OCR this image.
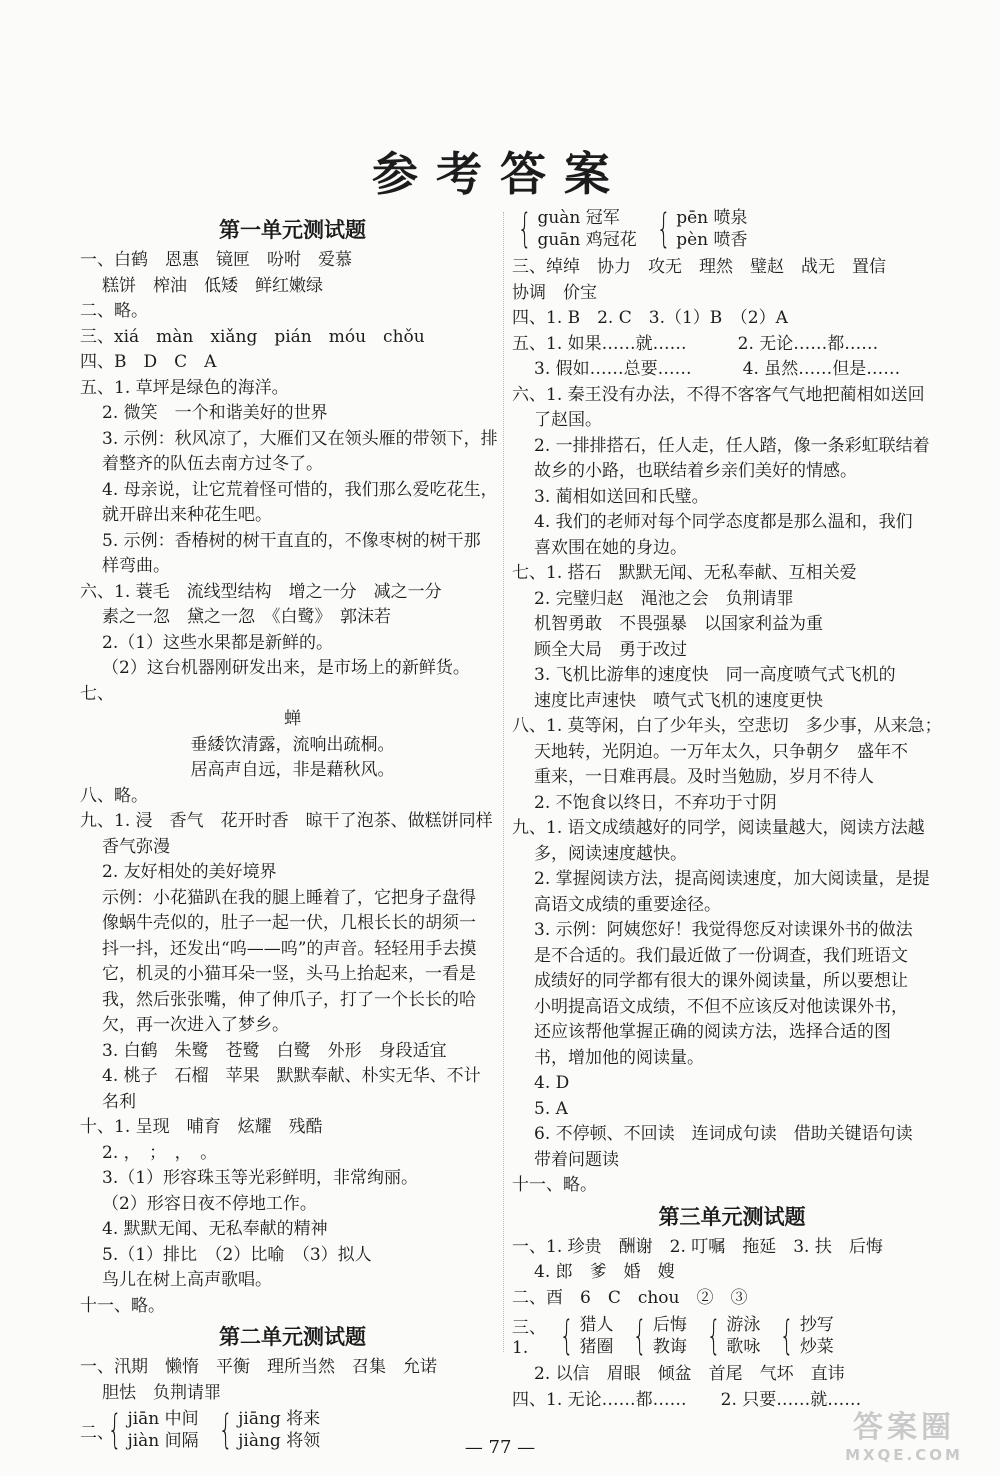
参考答案
第一单元测试题
一、白鹤　恩惠　镜匣　吩咐　爱慕
糕饼　榨油　低矮　鲜红嫩绿
二、略。
三、xiá　màn　xiǎng　pián　móu　chǒu
四、B　D　C　A
五、1. 草坪是绿色的海洋。
2. 微笑　一个和谐美好的世界
3. 示例：秋风凉了，大雁们又在领头雁的带领下，排
着整齐的队伍去南方过冬了。
4. 母亲说，让它荒着怪可惜的，我们那么爱吃花生，
就开辟出来种花生吧。
5. 示例：香椿树的树干直直的，不像枣树的树干那
样弯曲。
六、1. 蓑毛　流线型结构　增之一分　减之一分
素之一忽　黛之一忽　《白鹭》　郭沫若
2.（1）这些水果都是新鲜的。
（2）这台机器刚研发出来，是市场上的新鲜货。
七、
蝉
垂緌饮清露，流响出疏桐。
居高声自远，非是藉秋风。
八、略。
九、1. 浸　香气　花开时香　晾干了泡茶、做糕饼同样
香气弥漫
2. 友好相处的美好境界
示例：小花猫趴在我的腿上睡着了，它把身子盘得
像蜗牛壳似的，肚子一起一伏，几根长长的胡须一
抖一抖，还发出“呜——呜”的声音。轻轻用手去摸
它，机灵的小猫耳朵一竖，头马上抬起来，一看是
我，然后张张嘴，伸了伸爪子，打了一个长长的哈
欠，再一次进入了梦乡。
3. 白鹤　朱鹭　苍鹭　白鹭　外形　身段适宜
4. 桃子　石榴　苹果　默默奉献、朴实无华、不计
名利
十、1. 呈现　哺育　炫耀　残酷
2. ，　；　，　。
3.（1）形容珠玉等光彩鲜明，非常绚丽。
（2）形容日夜不停地工作。
4. 默默无闻、无私奉献的精神
5.（1）排比　（2）比喻　（3）拟人
鸟儿在树上高声歌唱。
十一、略。
第二单元测试题
一、汛期　懒惰　平衡　理所当然　召集　允诺
胆怯　负荆请罪
二、
{ jiān 中间
jiàn 间隔 { jiāng 将来
jiàng 将领
{ guàn 冠军
guān 鸡冠花 { pēn 喷泉
pèn 喷香
三、绰绰　协力　攻无　理然　璧赵　战无　置信
协调　价宝
四、1. B　2. C　3.（1）B　（2）A
五、1. 如果……就……　　　2. 无论……都……
3. 假如……总要……　　　4. 虽然……但是……
六、1. 秦王没有办法，不得不客客气气地把蔺相如送回
了赵国。
2. 一排排搭石，任人走，任人踏，像一条彩虹联结着
故乡的小路，也联结着乡亲们美好的情感。
3. 蔺相如送回和氏璧。
4. 我们的老师对每个同学态度都是那么温和，我们
喜欢围在她的身边。
七、1. 搭石　默默无闻、无私奉献、互相关爱
2. 完璧归赵　渑池之会　负荆请罪
机智勇敢　不畏强暴　以国家利益为重
顾全大局　勇于改过
3. 飞机比游隼的速度快　同一高度喷气式飞机的
速度比声速快　喷气式飞机的速度更快
八、1. 莫等闲，白了少年头，空悲切　多少事，从来急；
天地转，光阴迫。一万年太久，只争朝夕　盛年不
重来，一日难再晨。及时当勉励，岁月不待人
2. 不饱食以终日，不弃功于寸阴
九、1. 语文成绩越好的同学，阅读量越大，阅读方法越
多，阅读速度越快。
2. 掌握阅读方法，提高阅读速度，加大阅读量，是提
高语文成绩的重要途径。
3. 示例：阿姨您好！我觉得您反对读课外书的做法
是不合适的。我们最近做了一份调查，我们班语文
成绩好的同学都有很大的课外阅读量，所以要想让
小明提高语文成绩，不但不应该反对他读课外书，
还应该帮他掌握正确的阅读方法，选择合适的图
书，增加他的阅读量。
4. D
5. A
6. 不停顿、不回读　连词成句读　借助关键语句读
带着问题读
十一、略。
第三单元测试题
一、1. 珍贵　酬谢　2. 叮嘱　拖延　3. 扶　后悔
4. 郎　爹　婚　嫂
二、酉　6　C　chou　②　③
三、1. { 猎人
猪圈 { 后悔
教诲 { 游泳
歌咏 { 抄写
炒菜
2. 以信　眉眼　倾盆　首尾　气坏　直讳
四、1. 无论……都……　　2. 只要……就……
— 77 —
答案圈
MXQE.COM
